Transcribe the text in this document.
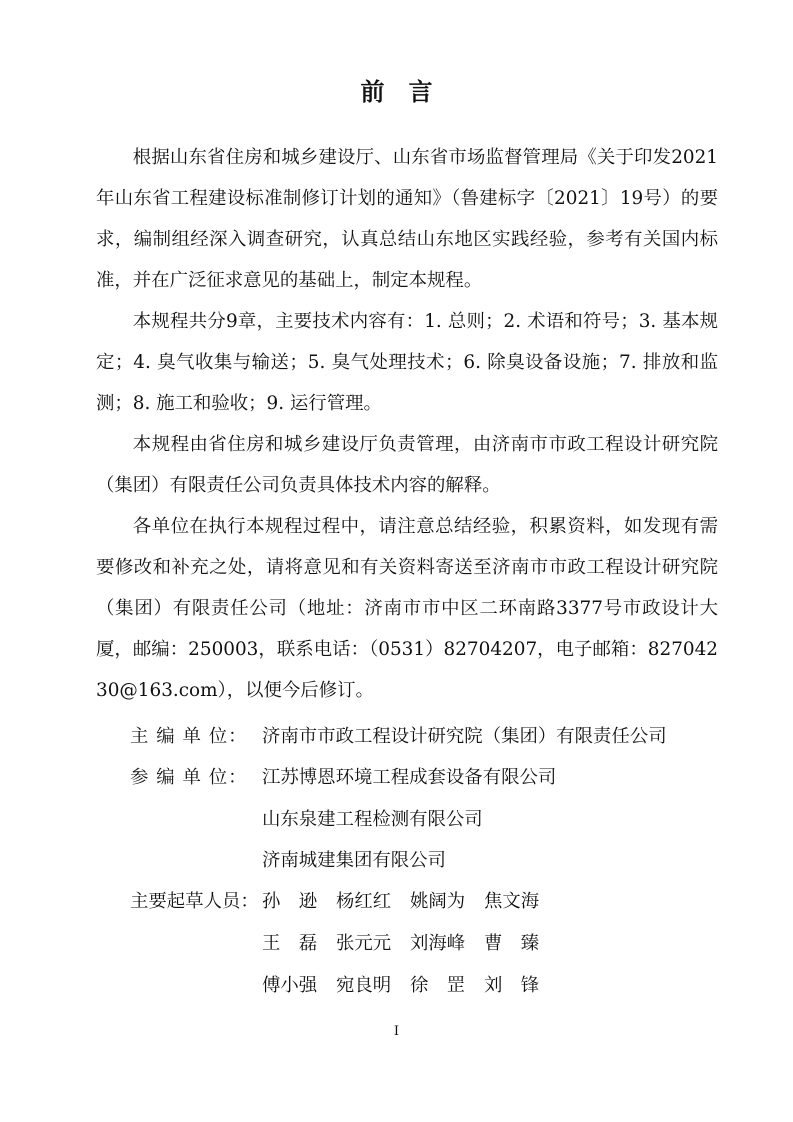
前　言

根据山东省住房和城乡建设厅、山东省市场监督管理局《关于印发2021年山东省工程建设标准制修订计划的通知》（鲁建标字〔2021〕19号）的要求，编制组经深入调查研究，认真总结山东地区实践经验，参考有关国内标准，并在广泛征求意见的基础上，制定本规程。

本规程共分9章，主要技术内容有：1. 总则；2. 术语和符号；3. 基本规定；4. 臭气收集与输送；5. 臭气处理技术；6. 除臭设备设施；7. 排放和监测；8. 施工和验收；9. 运行管理。

本规程由省住房和城乡建设厅负责管理，由济南市市政工程设计研究院（集团）有限责任公司负责具体技术内容的解释。

各单位在执行本规程过程中，请注意总结经验，积累资料，如发现有需要修改和补充之处，请将意见和有关资料寄送至济南市市政工程设计研究院（集团）有限责任公司（地址：济南市市中区二环南路3377号市政设计大厦，邮编：250003，联系电话：（0531）82704207，电子邮箱：82704230@163.com），以便今后修订。

主 编 单 位： 济南市市政工程设计研究院（集团）有限责任公司
参 编 单 位： 江苏博恩环境工程成套设备有限公司
山东泉建工程检测有限公司
济南城建集团有限公司
主要起草人员： 孙　逊 杨红红 姚阔为 焦文海
王　磊 张元元 刘海峰 曹　臻
傅小强 宛良明 徐　罡 刘　锋
I
